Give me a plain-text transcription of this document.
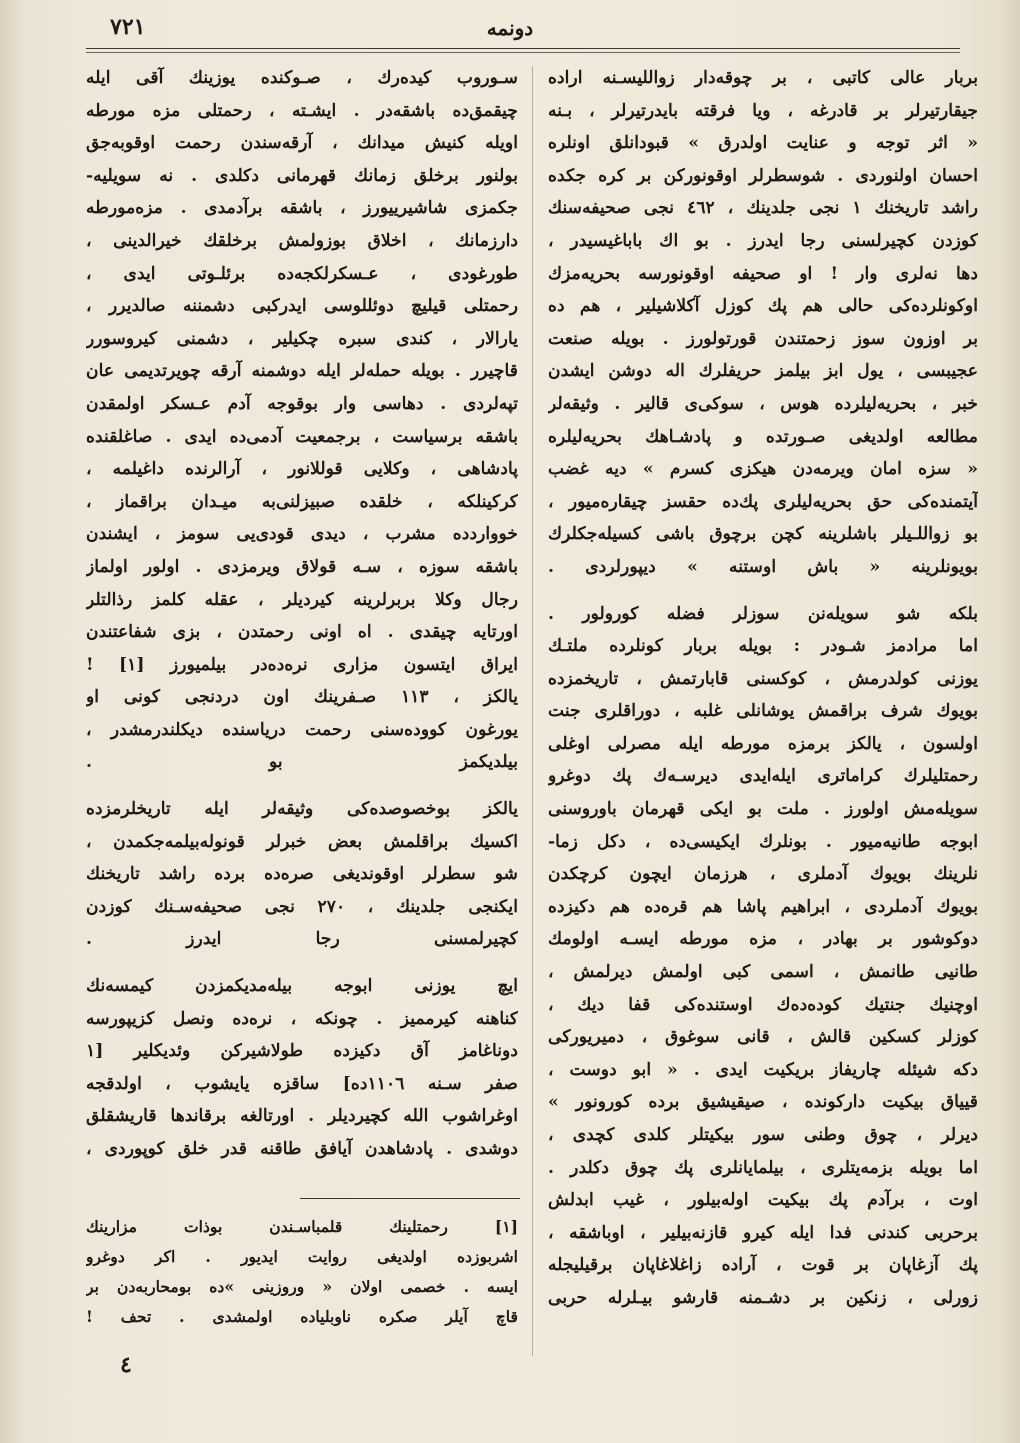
٧٢١	دونمه
بربار عالی کاتبی ، بر چوقه‌دار زوالليسـنه اراده
جيقارتيرلر بر قادرغه ، ويا فرقته بايدرتيرلر ، بـنه
« اثر توجه و عنايت اولدرق » قبودانلق اونلره
احسان اولنوردی . شوسطرلر اوقونورکن بر کره جکده
راشد تاريخنك ١ نجی جلدينك ، ٤٦٢ نجی صحيفه‌سنك
کوزدن کچيرلسنی رجا ايدرز . بو اك باباغيسيدر ،
دها نه‌لری وار ! او صحيفه اوقونورسه بحريه‌مزك
اوکونلرده‌کی حالی هم پك کوزل آکلاشيلير ، هم ده
بر اوزون سوز زحمتندن قورتولورز . بويله صنعت
عجيبسی ، يول ابز بيلمز حريفلرك اله دوشن ايشدن
خبر ، بحريه‌ليلرده هوس ، سوکی‌ی قالير . وثيقه‌لر
مطالعه اولديغی صـورتده و پادشـاهك بحريه‌ليلره
« سزه امان ويرمه‌دن هيکزی کسرم » ديه غضب
آيتمنده‌کی حق بحريه‌ليلری پك‌ده حقسز چيقاره‌ميور ،
بو زواللـيلر باشلرينه کچن برچوق باشی کسيله‌جکلرك
بويونلرينه « باش اوستنه » ديپورلردی .
بلکه شو سويله‌نن سوزلر فضله کورولور .
اما مرادمز شـودر : بويله بربار کونلرده ملتـك
يوزنی کولدرمش ، کوکسنی قابارتمش ، تاريخمزده
بويوك شرف براقمش يوشانلی غلبه ، دوراقلری جنت
اولسون ، يالکز برمزه مورطه ايله مصرلی اوغلی
رحمتليلرك کراماتری ايله‌ايدی دیرسـه‌ك پك دوغرو
سويله‌مش اولورز . ملت بو ايکی قهرمان باورو‌سنی
ابوجه طانيه‌ميور . بونلرك ايکيسی‌ده ، دکل زما-
نلرينك بويوك آدملری ، هرزمان ايچون کرچکدن
بويوك آدملردی ، ابراهيم پاشا هم قره‌ده هم دکيزده
دوکوشور بر بهادر ، مزه مورطه ايسـه اولومك
طانيی طانمش ، اسمی کبی اولمش دیرلمش ،
اوچنيك جنتيك کوده‌ده‌ك اوستنده‌کی قفا ديك ،
کوزلر کسکين قالش ، قانی سوغوق ، دميريورکی
دکه شيئله چاريفاز بريکيت ايدی . « ابو دوست ،
قيياق بيکيت دارکونده ، صيقيشيق برده کورونور »
ديرلر ، چوق وطنی سور بيکيتلر کلدی کچدی ،
اما بويله بزمه‌يتلری ، بيلمايانلری پك چوق دکلدر .
اوت ، برآدم پك بيکيت اوله‌بيلور ، غيب ابدلش
برحربی کندنی فدا ايله کيرو قازنه‌بيلير ، اوباشقه ،
پك آزغاپان بر قوت ، آراده زاغلاغاپان برقيليجله
زورلی ، زنکين بر دشـمنه قارشو بيـلرله حربی
سـوروب کيده‌رك ، صـوکنده يوزينك آقی ايله
چيقمق‌ده باشقه‌در . ايشـته ، رحمتلی مزه مورطه
اويله کنيش ميدانك ، آرقه‌سندن رحمت اوقوبه‌جق
بولنور برخلق زمانك قهرمانی دکلدی . نه سويليه-
جکمزی شاشيرييورز ، باشقه برآدمدی . مزه‌مورطه
دارزمانك ، اخلاق بوزولمش برخلقك خيرالدينی ،
طورغودی ، عـسکرلکجه‌ده برئلـوتی ايدی ،
رحمتلی قيليچ دوئللوسی ايدرکبی دشمننه صالديرر ،
يارالار ، کندی سبره چکيلير ، دشمنی کيروسورر
قاچيرر . بويله حمله‌لر ايله دوشمنه آرقه چويرتديمی عان
تپه‌لردی . دهاسی وار بوقوجه آدم عـسکر اولمقدن
باشقه برسياست ، برجمعيت آدمی‌ده ايدی . صاغلقنده
پادشاهی ، وکلايی قوللانور ، آرالرنده داغيلمه ،
کرکينلکه ، خلقده صبيزلنی‌به ميـدان براقماز ،
خوواردده مشرب ، ديدی قودی‌يی سومز ، ايشندن
باشقه سوزه ، سـه قولاق ويرمزدی . اولور اولماز
رجال وکلا بربرلرينه کيرديلر ، عقله کلمز رذالتلر
اورتايه چيقدی . اه اونی رحمتدن ، بزی شفاعتندن
ايراق ايتسون مزاری نره‌ده‌در بيلميورز [١] !
يالکز ، ١١٣ صـفرينك اون دردنجی کونی او
يورغون کووده‌سنی رحمت درياسنده ديکلندرمشدر ،
بيلديکمز بو .
يالکز بوخصوصده‌کی وثيقه‌لر ايله تاريخلرمزده
اکسيك براقلمش بعض خبرلر قونوله‌بيلمه‌جکمدن ،
شو سطرلر اوقونديغی صره‌ده برده راشد تاريخنك
ايکنجی جلدينك ، ٢٧٠ نجی صحيفه‌سـنك کوزدن
کچيرلمسنی رجا ايدرز .
ايچ يوزنی ابوجه بيله‌مديکمزدن کيمسه‌نك
کناهنه کيرمميز . چونکه ، نره‌ده ونصل کزيپورسه
دوناغامز آق دکيزده طولاشيرکن وئديکلير [١
صفر سـنه ١١٠٦ده] ساقزه يايشوب ، اولدقجه
اوغراشوب الله کچيرديلر . اورتالغه برقاندها قاريشقلق
دوشدی . پادشاهدن آيافق طاقنه قدر خلق کوپوردی ،
[١] رحمتلينك قلمباسـندن بوذات مزارينك
اشربوزده اولديغی روايت ايديور . اکر دوغرو
ايسه . خصمی اولان « وروزينی »ده بومحاربه‌دن بر
قاچ آيلر صکره ناوبلياده اولمشدی . تحف !
٤
